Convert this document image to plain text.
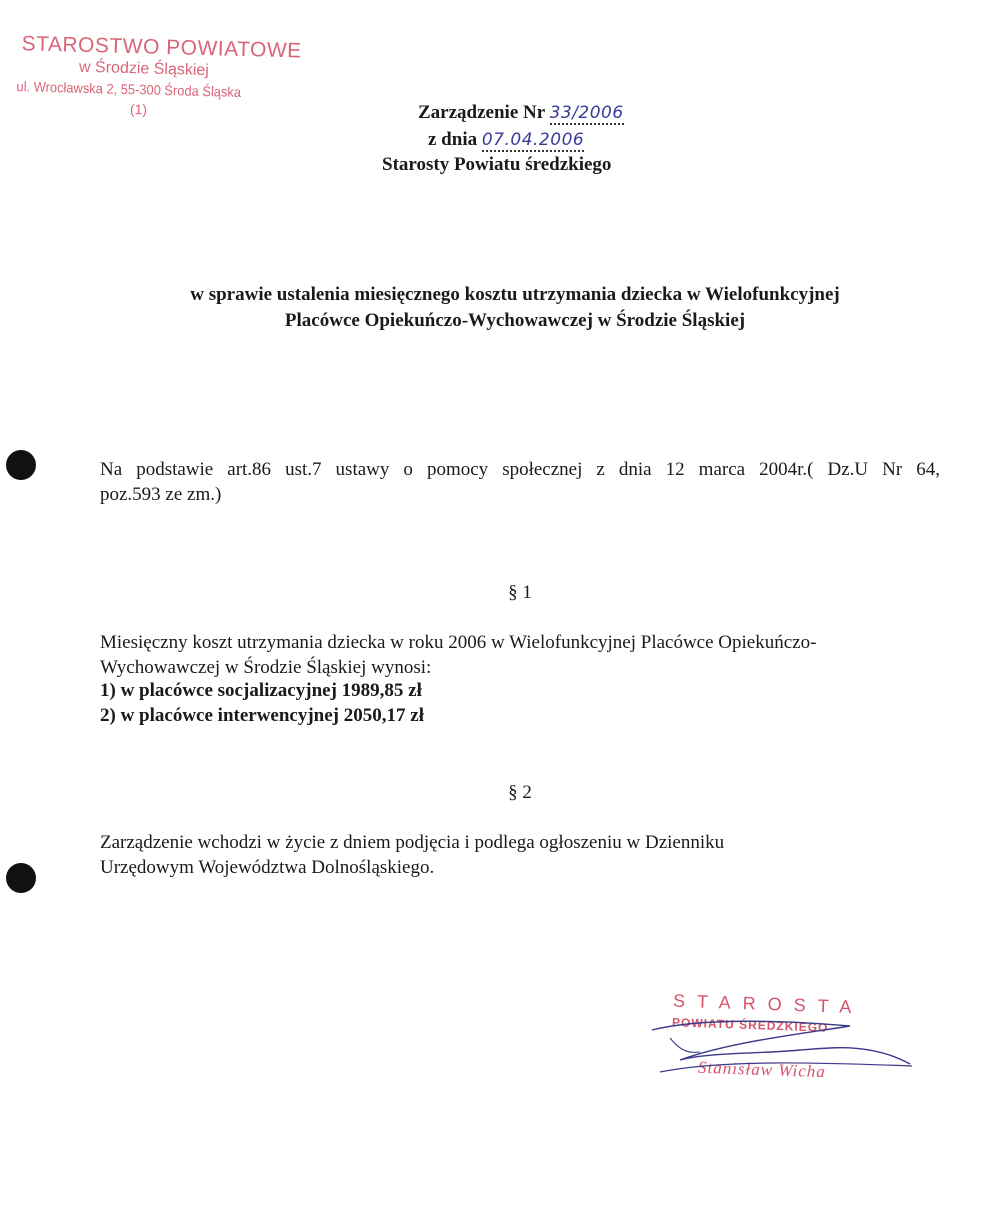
STAROSTWO POWIATOWE
w Środzie Śląskiej
ul. Wrocławska 2, 55-300 Środa Śląska
(1)	Zarządzenie Nr 33/2006
z dnia 07.04.2006
Starosty Powiatu średzkiego
w sprawie ustalenia miesięcznego kosztu utrzymania dziecka w Wielofunkcyjnej
Placówce Opiekuńczo-Wychowawczej w Środzie Śląskiej
Na podstawie art.86 ust.7 ustawy o pomocy społecznej z dnia 12 marca 2004r.( Dz.U Nr 64,
poz.593 ze zm.)
§ 1
Miesięczny koszt utrzymania dziecka w roku 2006 w Wielofunkcyjnej Placówce Opiekuńczo-
Wychowawczej w Środzie Śląskiej wynosi:
1) w placówce socjalizacyjnej 1989,85 zł
2) w placówce interwencyjnej 2050,17 zł
§ 2
Zarządzenie wchodzi w życie z dniem podjęcia i podlega ogłoszeniu w Dzienniku
Urzędowym Województwa Dolnośląskiego.
STAROSTA
POWIATU ŚREDZKIEGO
Stanisław Wicha
